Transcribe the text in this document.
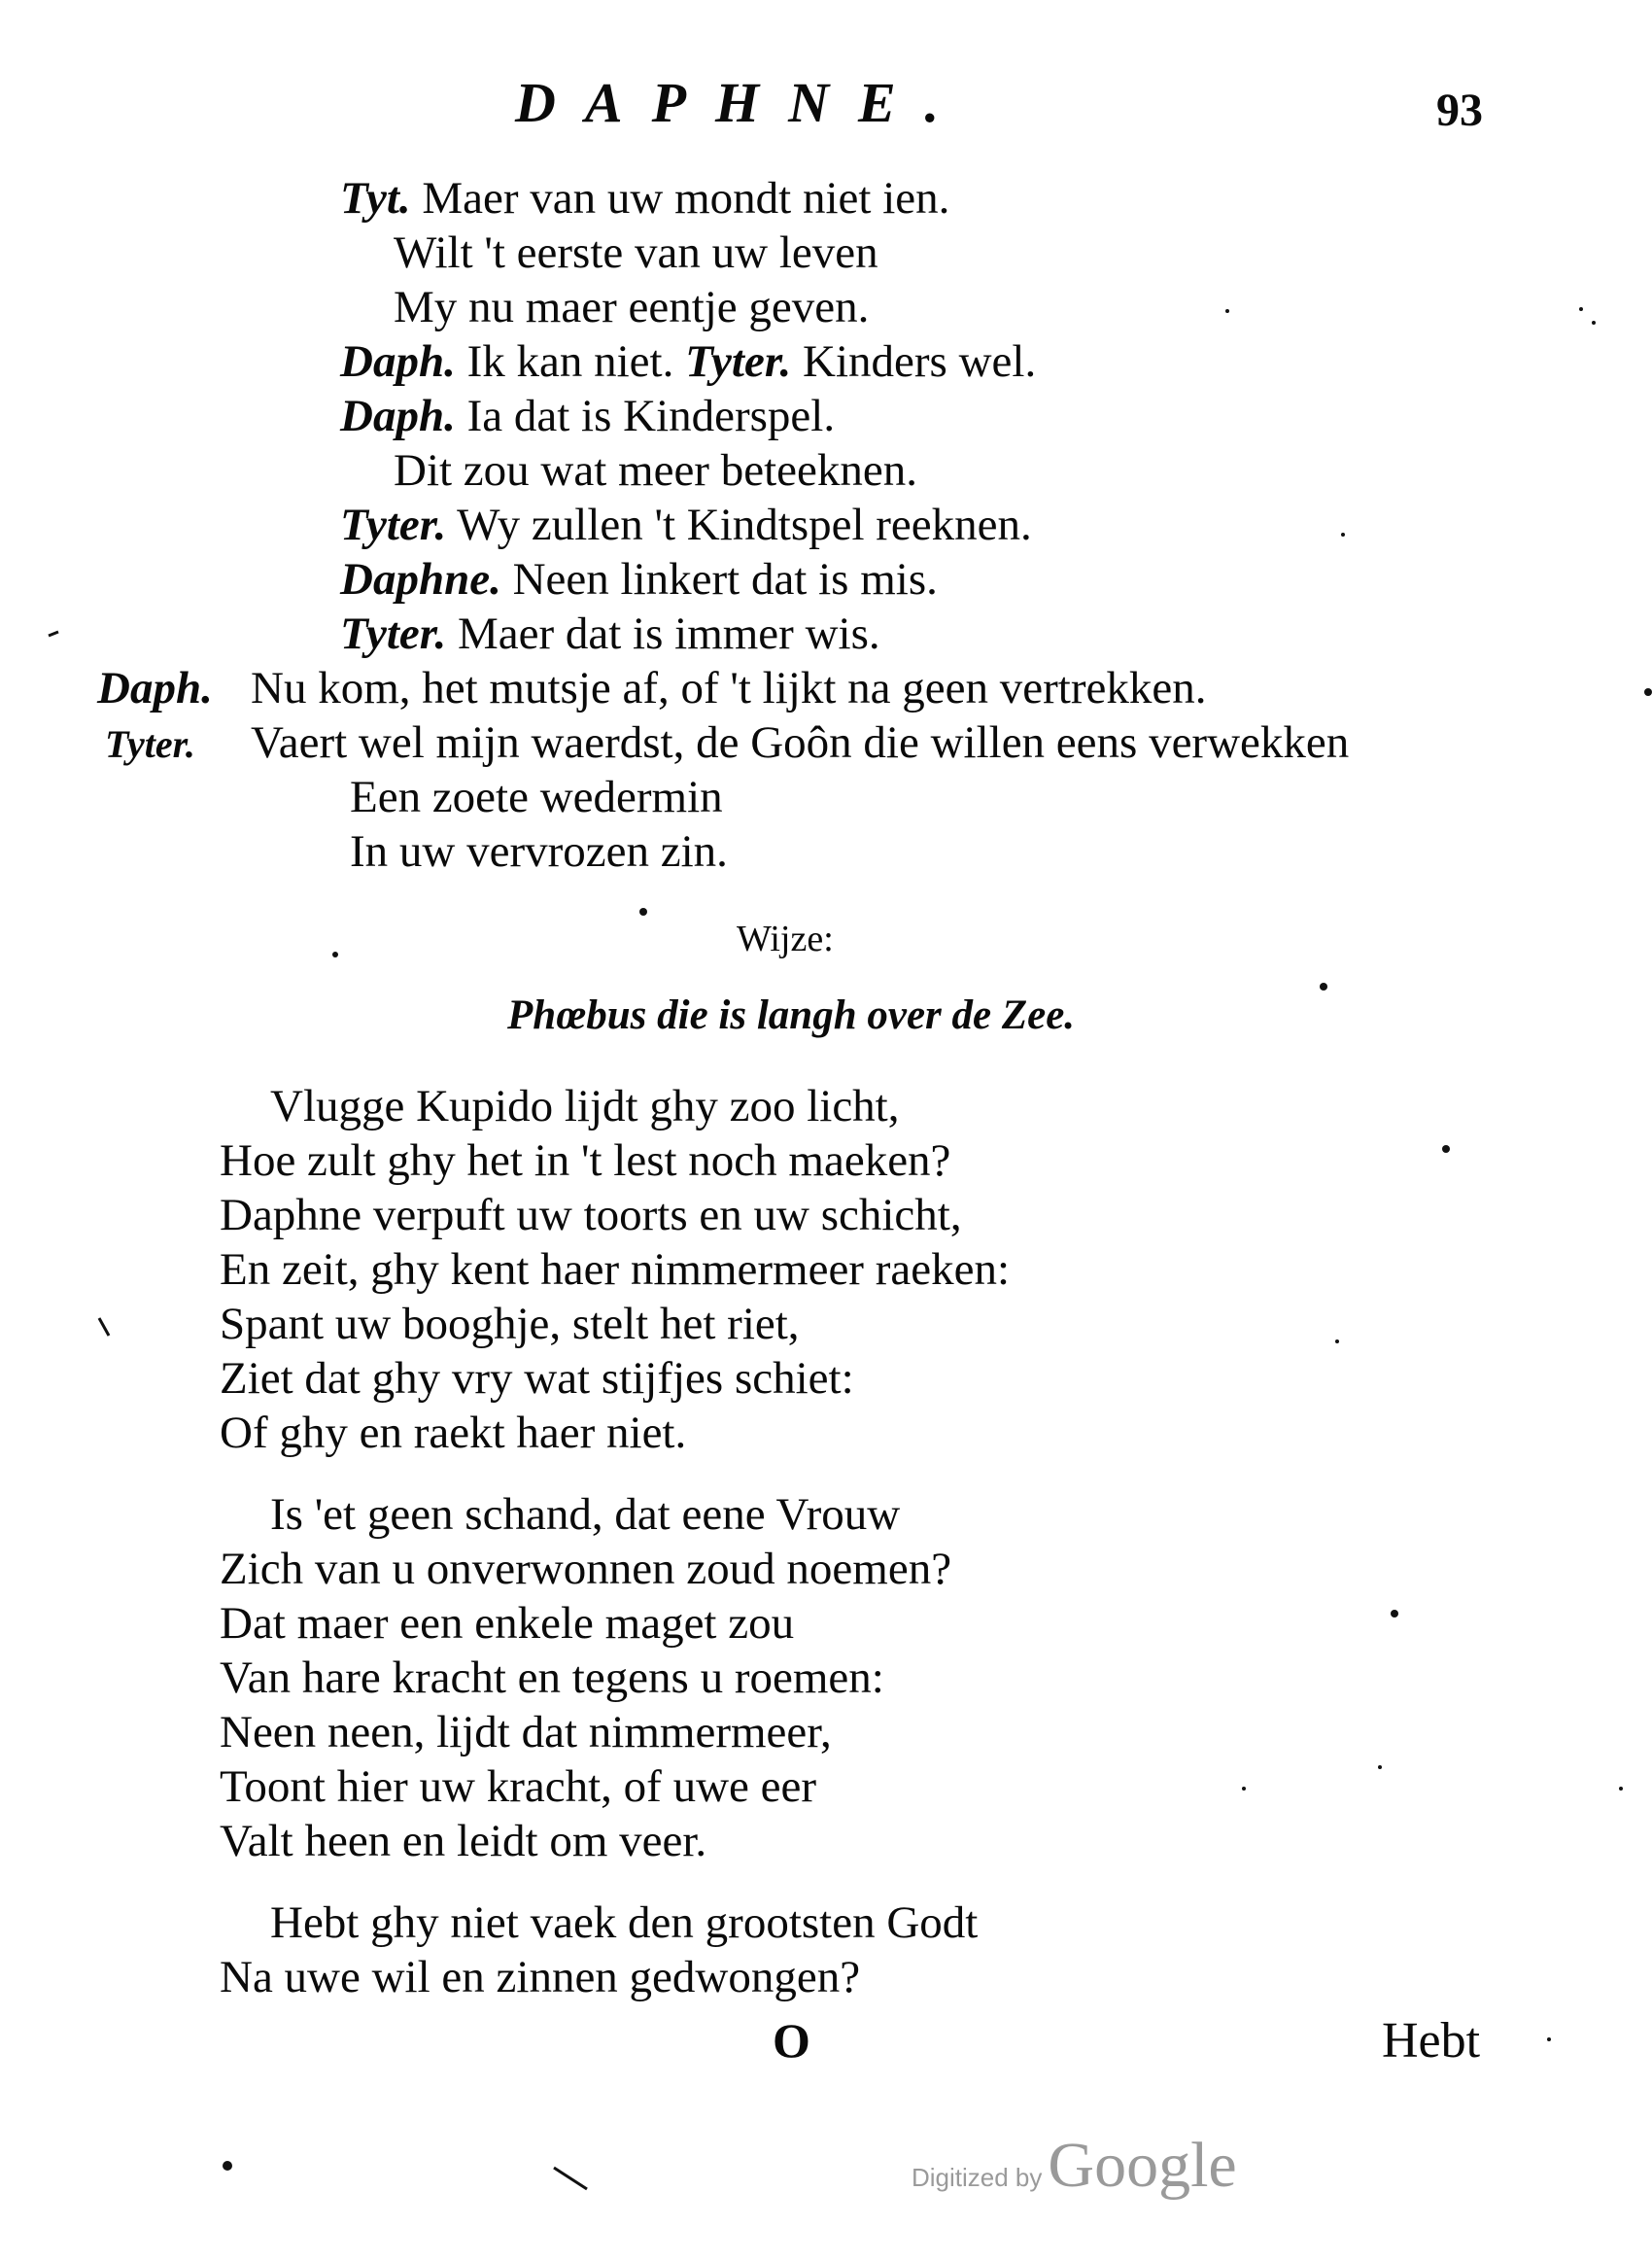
DAPHNE.	93
Tyt. Maer van uw mondt niet ien.
Wilt 't eerste van uw leven
My nu maer eentje geven.
Daph. Ik kan niet. Tyter. Kinders wel.
Daph. Ia dat is Kinderspel.
Dit zou wat meer beteeknen.
Tyter. Wy zullen 't Kindtspel reeknen.
Daphne. Neen linkert dat is mis.
Tyter. Maer dat is immer wis.
Daph. Nu kom, het mutsje af, of 't lijkt na geen vertrekken.
Tyter. Vaert wel mijn waerdst, de Goôn die willen eens verwekken
Een zoete wedermin
In uw vervrozen zin.
Wijze:
Phœbus die is langh over de Zee.
Vlugge Kupido lijdt ghy zoo licht,
Hoe zult ghy het in 't lest noch maeken?
Daphne verpuft uw toorts en uw schicht,
En zeit, ghy kent haer nimmermeer raeken:
Spant uw booghje, stelt het riet,
Ziet dat ghy vry wat stijfjes schiet:
Of ghy en raekt haer niet.
Is 'et geen schand, dat eene Vrouw
Zich van u onverwonnen zoud noemen?
Dat maer een enkele maget zou
Van hare kracht en tegens u roemen:
Neen neen, lijdt dat nimmermeer,
Toont hier uw kracht, of uwe eer
Valt heen en leidt om veer.
Hebt ghy niet vaek den grootsten Godt
Na uwe wil en zinnen gedwongen?
O	Hebt
Digitized byGoogle
